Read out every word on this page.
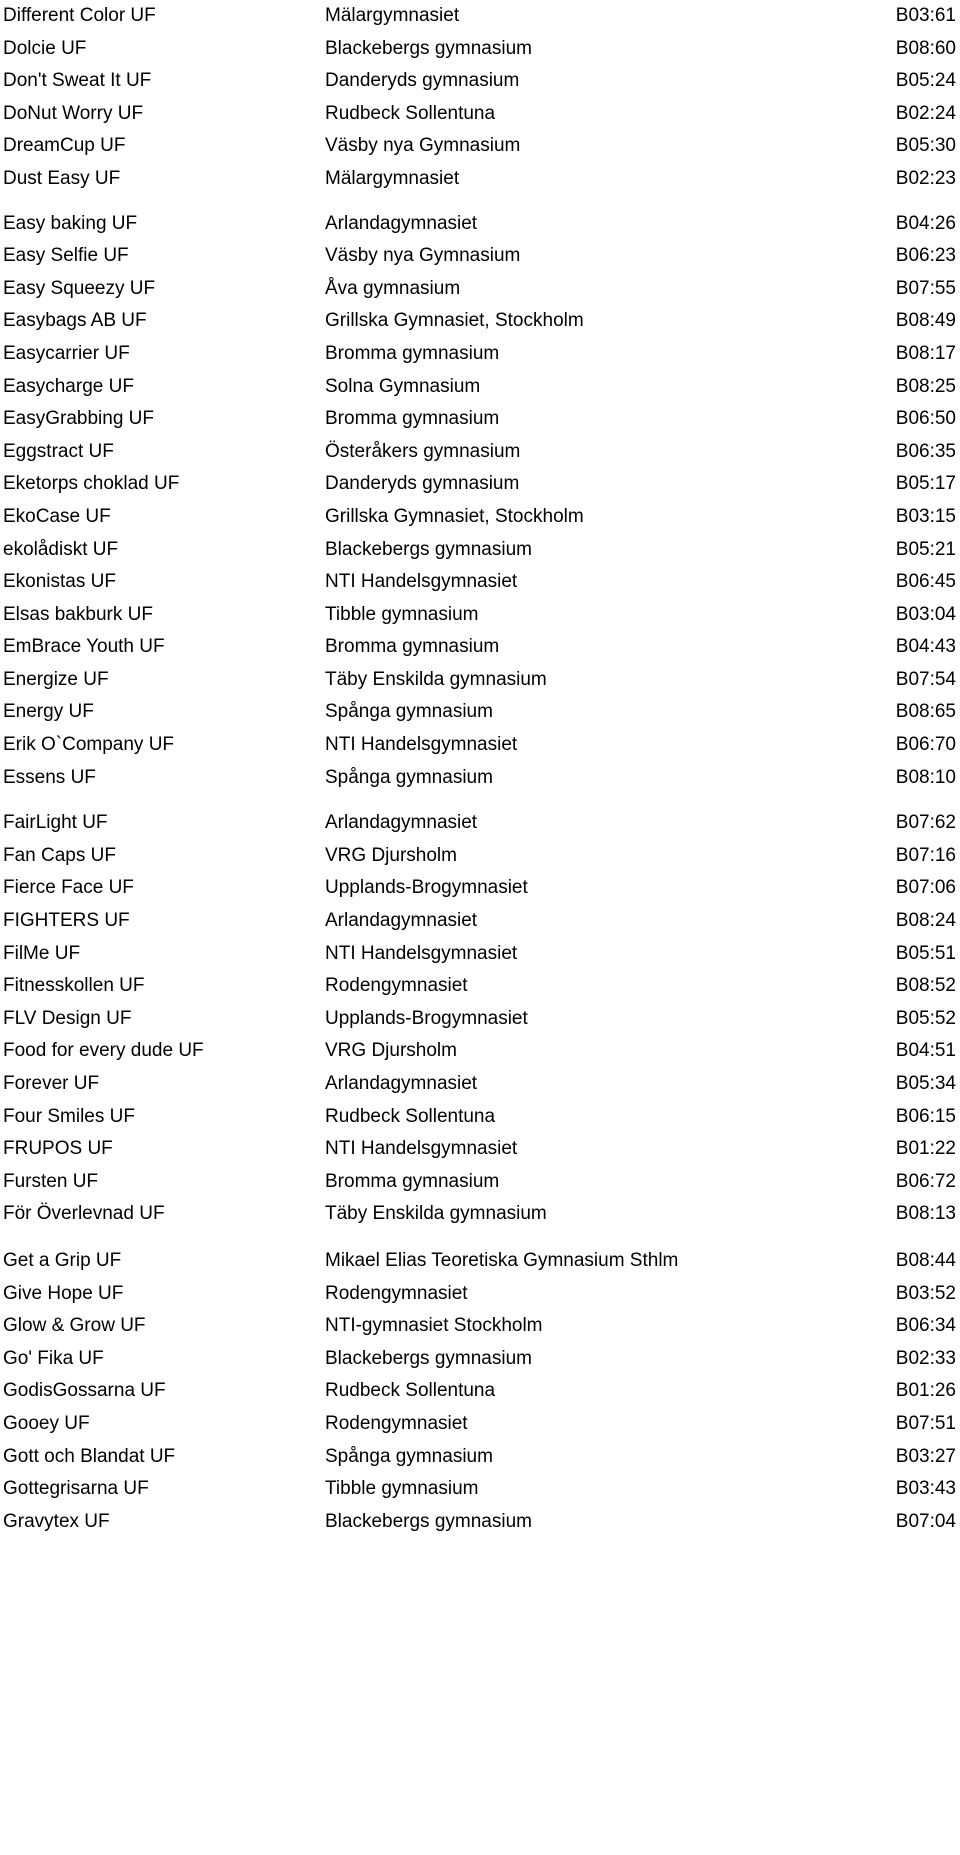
Different Color UF	Mälargymnasiet	B03:61
Dolcie UF	Blackebergs gymnasium	B08:60
Don't Sweat It UF	Danderyds gymnasium	B05:24
DoNut Worry UF	Rudbeck Sollentuna	B02:24
DreamCup UF	Väsby nya Gymnasium	B05:30
Dust Easy UF	Mälargymnasiet	B02:23
Easy baking UF	Arlandagymnasiet	B04:26
Easy Selfie UF	Väsby nya Gymnasium	B06:23
Easy Squeezy UF	Åva gymnasium	B07:55
Easybags AB UF	Grillska Gymnasiet, Stockholm	B08:49
Easycarrier UF	Bromma gymnasium	B08:17
Easycharge UF	Solna Gymnasium	B08:25
EasyGrabbing UF	Bromma gymnasium	B06:50
Eggstract UF	Österåkers gymnasium	B06:35
Eketorps choklad UF	Danderyds gymnasium	B05:17
EkoCase UF	Grillska Gymnasiet, Stockholm	B03:15
ekolådiskt UF	Blackebergs gymnasium	B05:21
Ekonistas UF	NTI Handelsgymnasiet	B06:45
Elsas bakburk UF	Tibble gymnasium	B03:04
EmBrace Youth UF	Bromma gymnasium	B04:43
Energize UF	Täby Enskilda gymnasium	B07:54
Energy UF	Spånga gymnasium	B08:65
Erik O`Company UF	NTI Handelsgymnasiet	B06:70
Essens UF	Spånga gymnasium	B08:10
FairLight UF	Arlandagymnasiet	B07:62
Fan Caps UF	VRG Djursholm	B07:16
Fierce Face UF	Upplands-Brogymnasiet	B07:06
FIGHTERS UF	Arlandagymnasiet	B08:24
FilMe UF	NTI Handelsgymnasiet	B05:51
Fitnesskollen UF	Rodengymnasiet	B08:52
FLV Design UF	Upplands-Brogymnasiet	B05:52
Food for every dude UF	VRG Djursholm	B04:51
Forever UF	Arlandagymnasiet	B05:34
Four Smiles UF	Rudbeck Sollentuna	B06:15
FRUPOS UF	NTI Handelsgymnasiet	B01:22
Fursten UF	Bromma gymnasium	B06:72
För Överlevnad UF	Täby Enskilda gymnasium	B08:13
Get a Grip UF	Mikael Elias Teoretiska Gymnasium Sthlm	B08:44
Give Hope UF	Rodengymnasiet	B03:52
Glow & Grow UF	NTI-gymnasiet Stockholm	B06:34
Go' Fika UF	Blackebergs gymnasium	B02:33
GodisGossarna UF	Rudbeck Sollentuna	B01:26
Gooey UF	Rodengymnasiet	B07:51
Gott och Blandat UF	Spånga gymnasium	B03:27
Gottegrisarna UF	Tibble gymnasium	B03:43
Gravytex UF	Blackebergs gymnasium	B07:04
